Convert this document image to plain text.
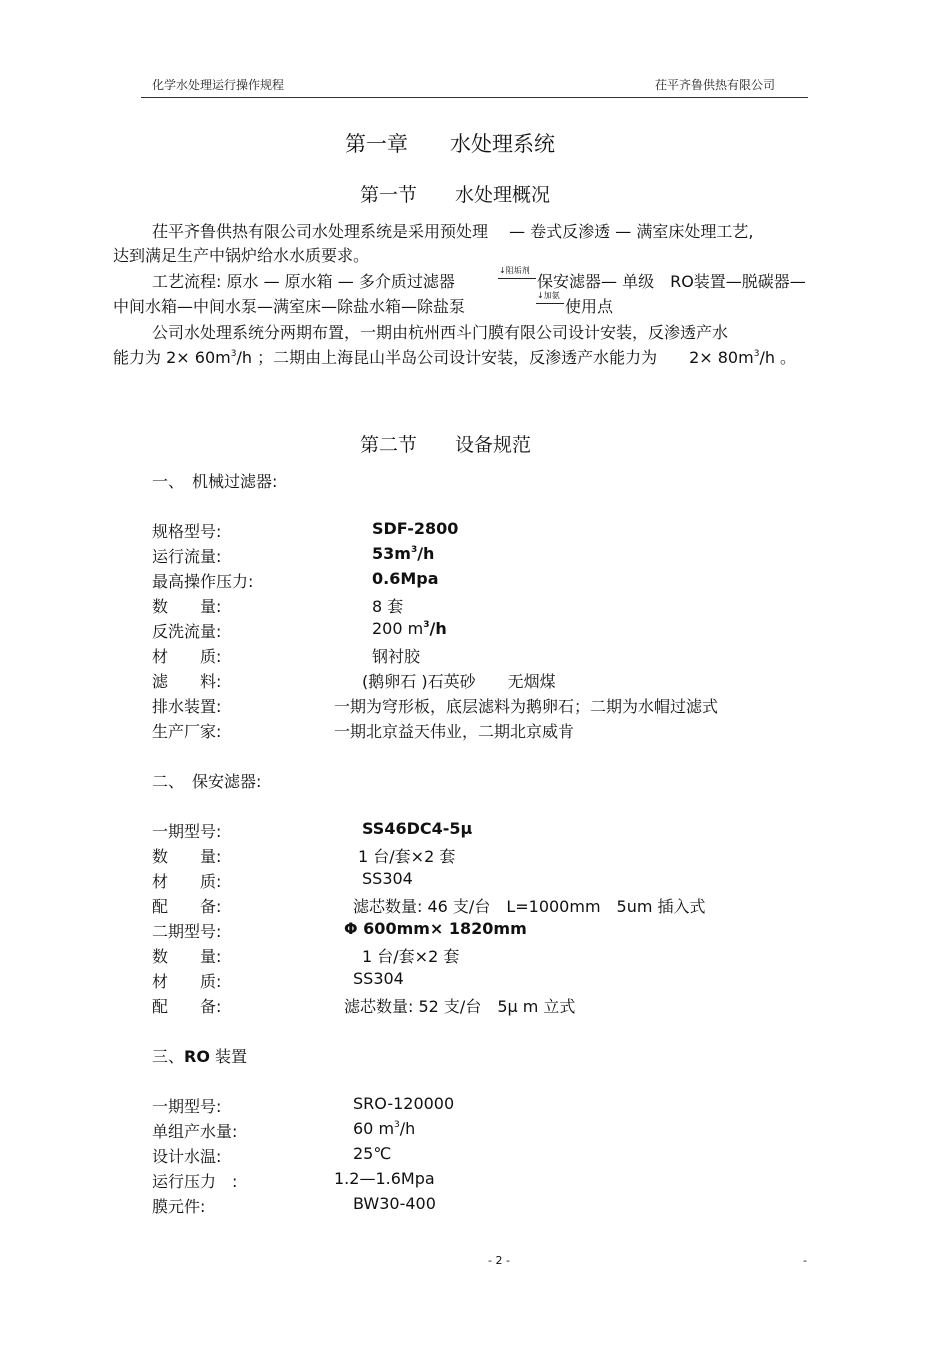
化学水处理运行操作规程	茌平齐鲁供热有限公司
第一章　　水处理系统
第一节　　水处理概况
茌平齐鲁供热有限公司水处理系统是采用预处理　 — 卷式反渗透 — 满室床处理工艺,
达到满足生产中锅炉给水水质要求。
工艺流程: 原水 — 原水箱 — 多介质过滤器
↓阻垢剂
保安滤器— 单级　RO装置—脱碳器—
中间水箱—中间水泵—满室床—除盐水箱—除盐泵
↓加氨
使用点
公司水处理系统分两期布置，一期由杭州西斗门膜有限公司设计安装，反渗透产水
能力为 $2\times 60m^3/h$ ；二期由上海昆山半岛公司设计安装，反渗透产水能力为　　$2\times 80m^3/h$ 。
第二节　　设备规范
一、　机械过滤器:
规格型号:	SDF-2800
运行流量:	$53m^3/h$
最高操作压力:	0.6Mpa
数　　量:	8 套
反洗流量:	200 $m^3/h$
材　　质:	钢衬胶
滤　　料:	(鹅卵石 )石英砂　　无烟煤
排水装置:	一期为穹形板，底层滤料为鹅卵石；二期为水帽过滤式
生产厂家:	一期北京益天伟业，二期北京威肯
二、　保安滤器:
一期型号:	SS46DC4-5μ
数　　量:	1 台/套×2 套
材　　质:	SS304
配　　备:	滤芯数量: 46 支/台　L=1000mm　5um 插入式
二期型号:	Φ 600mm× 1820mm
数　　量:	1 台/套×2 套
材　　质:	SS304
配　　备:	滤芯数量: 52 支/台　5μ m 立式
三、RO 装置
一期型号:	SRO-120000
单组产水量:	60 $m^3/h$
设计水温:	25℃
运行压力　:	1.2—1.6Mpa
膜元件:	BW30-400
- 2 -	-
